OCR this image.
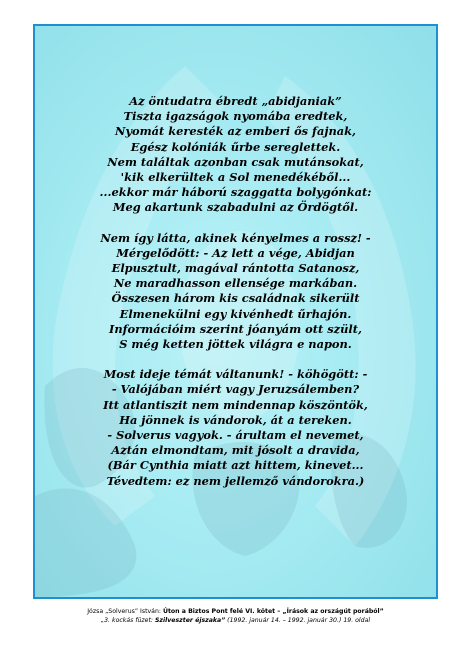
Az öntudatra ébredt „abidjaniak”
Tiszta igazságok nyomába eredtek,
Nyomát keresték az emberi ős fajnak,
Egész kolóniák űrbe sereglettek.
Nem találtak azonban csak mutánsokat,
'kik elkerültek a Sol menedékéből...
...ekkor már háború szaggatta bolygónkat:
Meg akartunk szabadulni az Ördögtől.
Nem így látta, akinek kényelmes a rossz! -
Mérgelődött: - Az lett a vége, Abidjan
Elpusztult, magával rántotta Satanosz,
Ne maradhasson ellensége markában.
Összesen három kis családnak sikerült
Elmenekülni egy kivénhedt űrhajón.
Információim szerint jóanyám ott szült,
S még ketten jöttek világra e napon.
Most ideje témát váltanunk! - köhögött: -
- Valójában miért vagy Jeruzsálemben?
Itt atlantiszit nem mindennap köszöntök,
Ha jönnek is vándorok, át a tereken.
- Solverus vagyok. - árultam el nevemet,
Aztán elmondtam, mit jósolt a dravida,
(Bár Cynthia miatt azt hittem, kinevet...
Tévedtem: ez nem jellemző vándorokra.)
Józsa „Solverus” István: Úton a Biztos Pont felé VI. kötet – „Írások az országút porából”
„3. kockás füzet: Szilveszter éjszaka” (1992. január 14. – 1992. január 30.) 19. oldal
